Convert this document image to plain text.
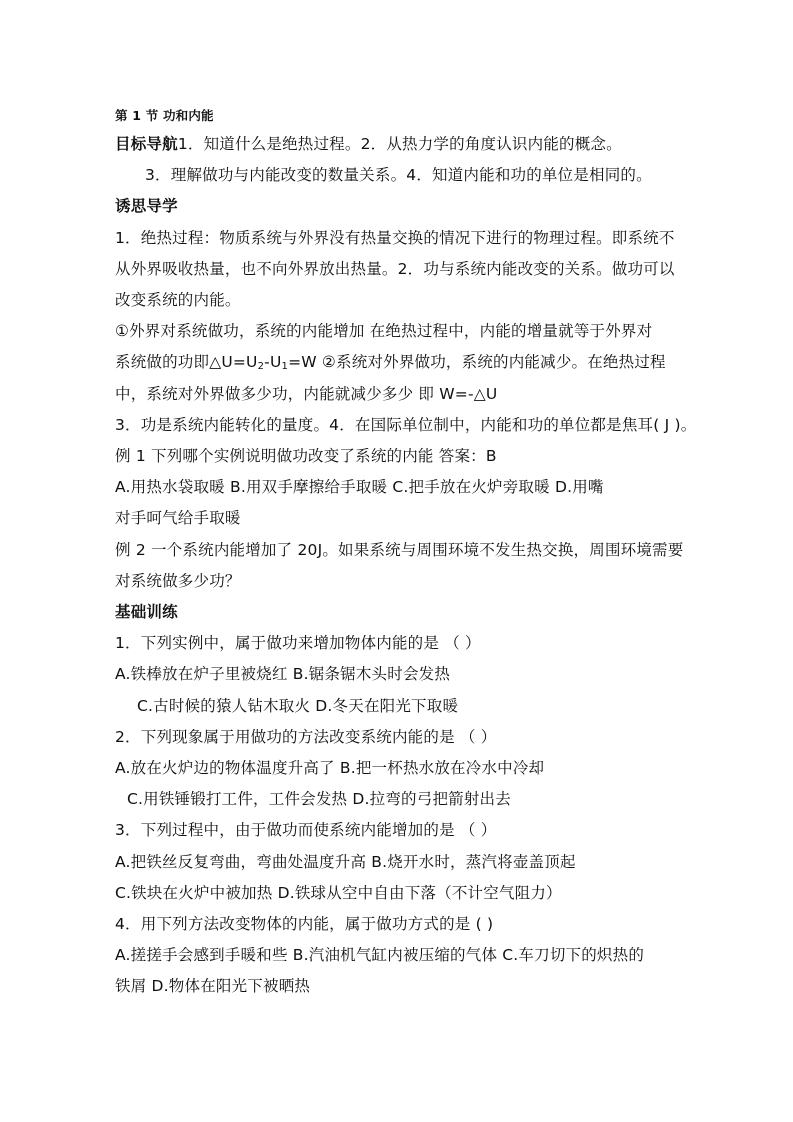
第 1 节 功和内能
目标导航1．知道什么是绝热过程。2．从热力学的角度认识内能的概念。
3．理解做功与内能改变的数量关系。4．知道内能和功的单位是相同的。
诱思导学
1．绝热过程：物质系统与外界没有热量交换的情况下进行的物理过程。即系统不
从外界吸收热量，也不向外界放出热量。2．功与系统内能改变的关系。做功可以
改变系统的内能。
①外界对系统做功，系统的内能增加 在绝热过程中，内能的增量就等于外界对
系统做的功即$\triangle U=U_2-U_1=W$ ②系统对外界做功，系统的内能减少。在绝热过程
中，系统对外界做多少功，内能就减少多少 即 W=-△U
3．功是系统内能转化的量度。4．在国际单位制中，内能和功的单位都是焦耳( J )。
例 1 下列哪个实例说明做功改变了系统的内能 答案：B
A.用热水袋取暖 B.用双手摩擦给手取暖 C.把手放在火炉旁取暖 D.用嘴
对手呵气给手取暖
例 2 一个系统内能增加了 20J。如果系统与周围环境不发生热交换，周围环境需要
对系统做多少功？
基础训练
1．下列实例中，属于做功来增加物体内能的是 （ ）
A.铁棒放在炉子里被烧红 B.锯条锯木头时会发热
C.古时候的猿人钻木取火 D.冬天在阳光下取暖
2．下列现象属于用做功的方法改变系统内能的是 （ ）
A.放在火炉边的物体温度升高了 B.把一杯热水放在冷水中冷却
C.用铁锤锻打工件，工件会发热 D.拉弯的弓把箭射出去
3．下列过程中，由于做功而使系统内能增加的是 （ ）
A.把铁丝反复弯曲，弯曲处温度升高 B.烧开水时，蒸汽将壶盖顶起
C.铁块在火炉中被加热 D.铁球从空中自由下落（不计空气阻力）
4．用下列方法改变物体的内能，属于做功方式的是 ( )
A.搓搓手会感到手暖和些 B.汽油机气缸内被压缩的气体 C.车刀切下的炽热的
铁屑 D.物体在阳光下被晒热
